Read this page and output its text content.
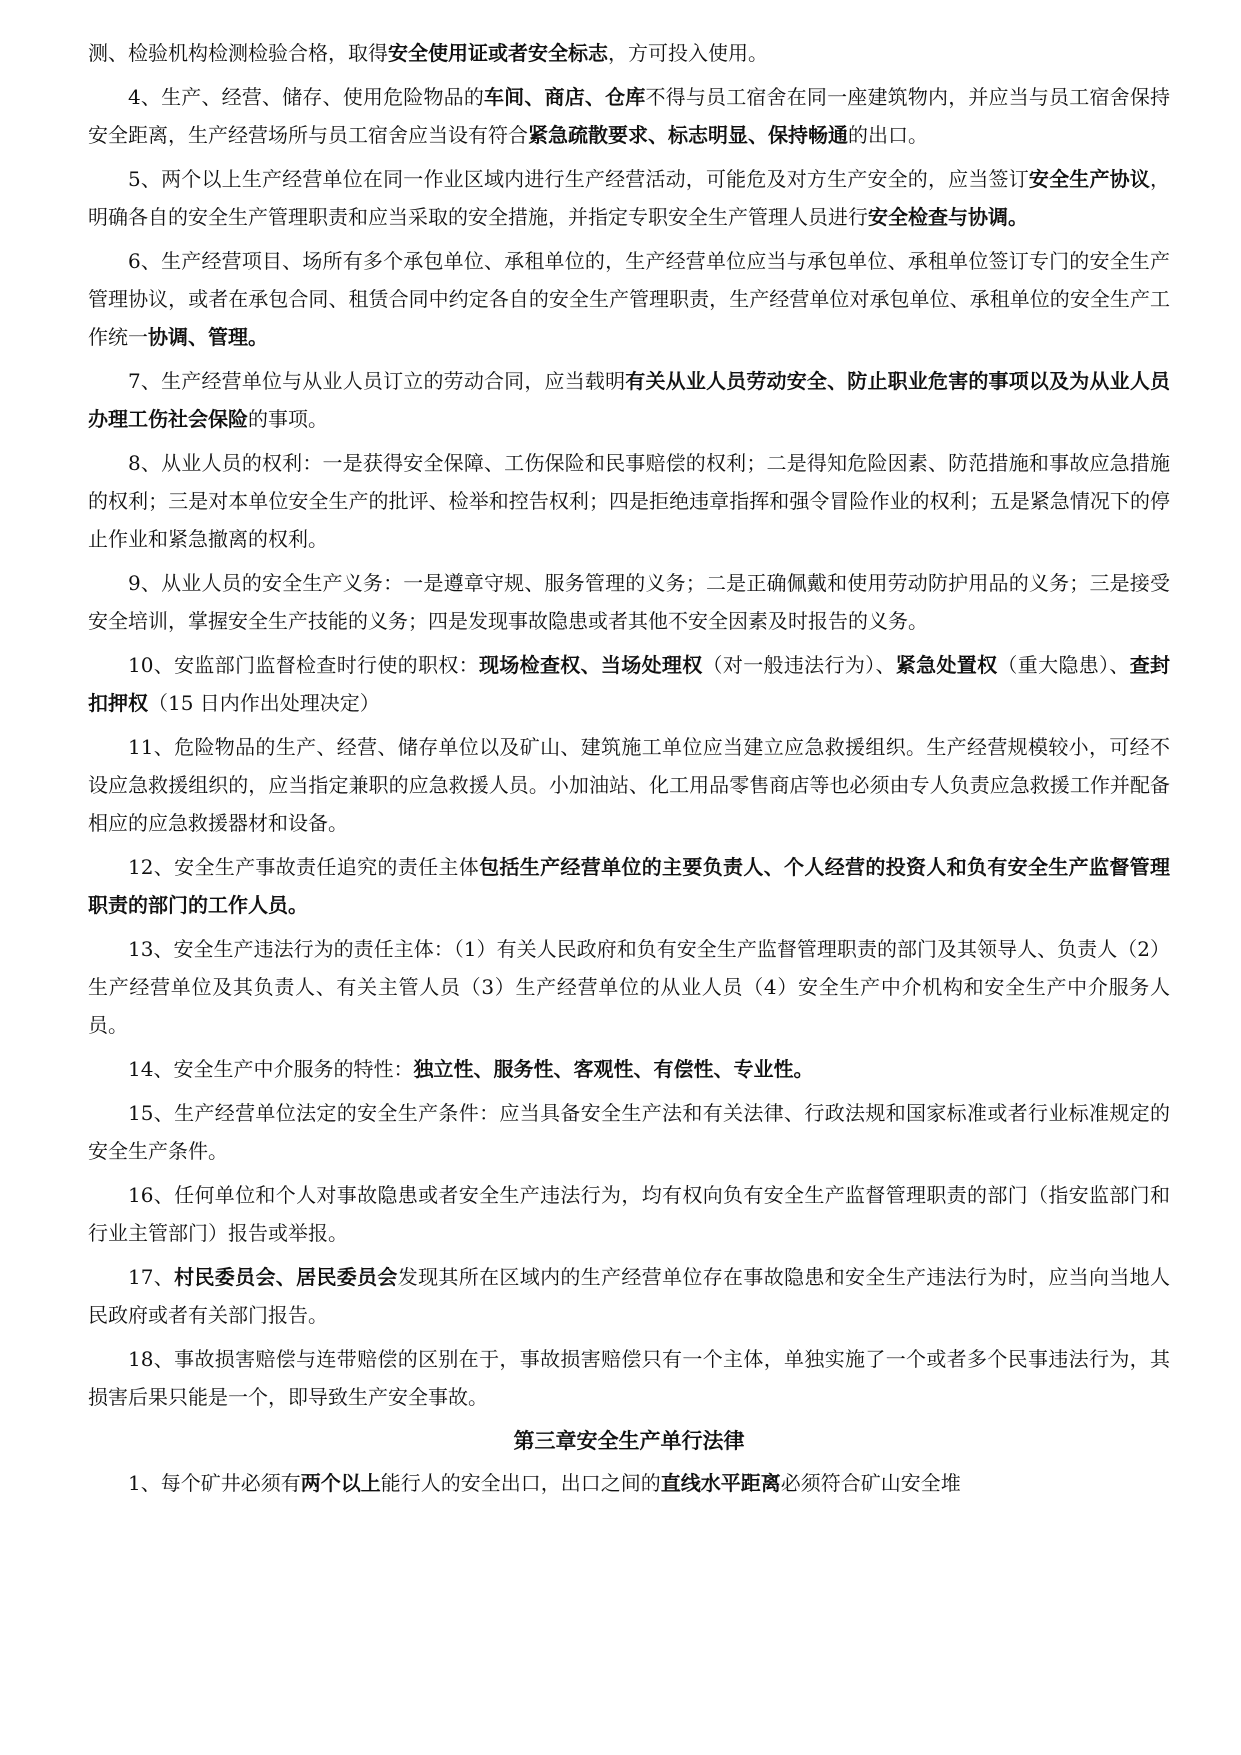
测、检验机构检测检验合格，取得安全使用证或者安全标志，方可投入使用。

4、生产、经营、储存、使用危险物品的车间、商店、仓库不得与员工宿舍在同一座建筑物内，并应当与员工宿舍保持安全距离，生产经营场所与员工宿舍应当设有符合紧急疏散要求、标志明显、保持畅通的出口。

5、两个以上生产经营单位在同一作业区域内进行生产经营活动，可能危及对方生产安全的，应当签订安全生产协议，明确各自的安全生产管理职责和应当采取的安全措施，并指定专职安全生产管理人员进行安全检查与协调。

6、生产经营项目、场所有多个承包单位、承租单位的，生产经营单位应当与承包单位、承租单位签订专门的安全生产管理协议，或者在承包合同、租赁合同中约定各自的安全生产管理职责，生产经营单位对承包单位、承租单位的安全生产工作统一协调、管理。

7、生产经营单位与从业人员订立的劳动合同，应当载明有关从业人员劳动安全、防止职业危害的事项以及为从业人员办理工伤社会保险的事项。

8、从业人员的权利：一是获得安全保障、工伤保险和民事赔偿的权利；二是得知危险因素、防范措施和事故应急措施的权利；三是对本单位安全生产的批评、检举和控告权利；四是拒绝违章指挥和强令冒险作业的权利；五是紧急情况下的停止作业和紧急撤离的权利。

9、从业人员的安全生产义务：一是遵章守规、服务管理的义务；二是正确佩戴和使用劳动防护用品的义务；三是接受安全培训，掌握安全生产技能的义务；四是发现事故隐患或者其他不安全因素及时报告的义务。

10、安监部门监督检查时行使的职权：现场检查权、当场处理权（对一般违法行为）、紧急处置权（重大隐患）、查封扣押权（15 日内作出处理决定）

11、危险物品的生产、经营、储存单位以及矿山、建筑施工单位应当建立应急救援组织。生产经营规模较小，可经不设应急救援组织的，应当指定兼职的应急救援人员。小加油站、化工用品零售商店等也必须由专人负责应急救援工作并配备相应的应急救援器材和设备。

12、安全生产事故责任追究的责任主体包括生产经营单位的主要负责人、个人经营的投资人和负有安全生产监督管理职责的部门的工作人员。

13、安全生产违法行为的责任主体：（1）有关人民政府和负有安全生产监督管理职责的部门及其领导人、负责人（2）生产经营单位及其负责人、有关主管人员（3）生产经营单位的从业人员（4）安全生产中介机构和安全生产中介服务人员。

14、安全生产中介服务的特性：独立性、服务性、客观性、有偿性、专业性。

15、生产经营单位法定的安全生产条件：应当具备安全生产法和有关法律、行政法规和国家标准或者行业标准规定的安全生产条件。

16、任何单位和个人对事故隐患或者安全生产违法行为，均有权向负有安全生产监督管理职责的部门（指安监部门和行业主管部门）报告或举报。

17、村民委员会、居民委员会发现其所在区域内的生产经营单位存在事故隐患和安全生产违法行为时，应当向当地人民政府或者有关部门报告。

18、事故损害赔偿与连带赔偿的区别在于，事故损害赔偿只有一个主体，单独实施了一个或者多个民事违法行为，其损害后果只能是一个，即导致生产安全事故。

第三章安全生产单行法律
1、每个矿井必须有两个以上能行人的安全出口，出口之间的直线水平距离必须符合矿山安全堆
